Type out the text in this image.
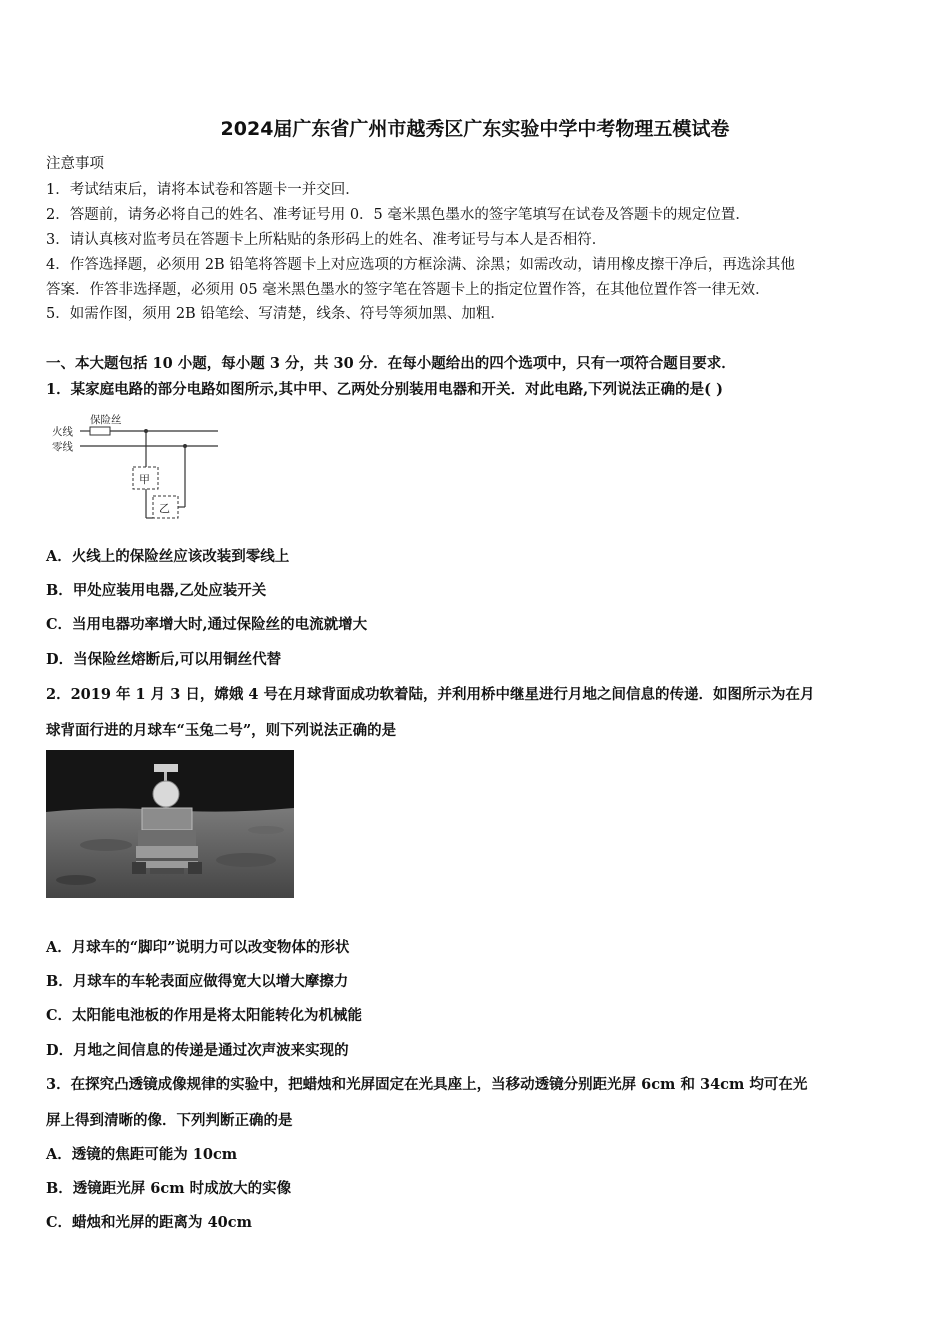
2024届广东省广州市越秀区广东实验中学中考物理五模试卷
注意事项
1．考试结束后，请将本试卷和答题卡一并交回．
2．答题前，请务必将自己的姓名、准考证号用 0．5 毫米黑色墨水的签字笔填写在试卷及答题卡的规定位置．
3．请认真核对监考员在答题卡上所粘贴的条形码上的姓名、准考证号与本人是否相符．
4．作答选择题，必须用 2B 铅笔将答题卡上对应选项的方框涂满、涂黑；如需改动，请用橡皮擦干净后，再选涂其他
答案．作答非选择题，必须用 05 毫米黑色墨水的签字笔在答题卡上的指定位置作答，在其他位置作答一律无效．
5．如需作图，须用 2B 铅笔绘、写清楚，线条、符号等须加黑、加粗．
一、本大题包括 10 小题，每小题 3 分，共 30 分．在每小题给出的四个选项中，只有一项符合题目要求．
1．某家庭电路的部分电路如图所示,其中甲、乙两处分别装用电器和开关．对此电路,下列说法正确的是( )
保险丝
火线
零线
甲
乙
A．火线上的保险丝应该改装到零线上
B．甲处应装用电器,乙处应装开关
C．当用电器功率增大时,通过保险丝的电流就增大
D．当保险丝熔断后,可以用铜丝代替
2．2019 年 1 月 3 日，嫦娥 4 号在月球背面成功软着陆，并利用桥中继星进行月地之间信息的传递．如图所示为在月
球背面行进的月球车“玉兔二号”，则下列说法正确的是
A．月球车的“脚印”说明力可以改变物体的形状
B．月球车的车轮表面应做得宽大以增大摩擦力
C．太阳能电池板的作用是将太阳能转化为机械能
D．月地之间信息的传递是通过次声波来实现的
3．在探究凸透镜成像规律的实验中，把蜡烛和光屏固定在光具座上，当移动透镜分别距光屏 6cm 和 34cm 均可在光
屏上得到清晰的像．下列判断正确的是
A．透镜的焦距可能为 10cm
B．透镜距光屏 6cm 时成放大的实像
C．蜡烛和光屏的距离为 40cm
